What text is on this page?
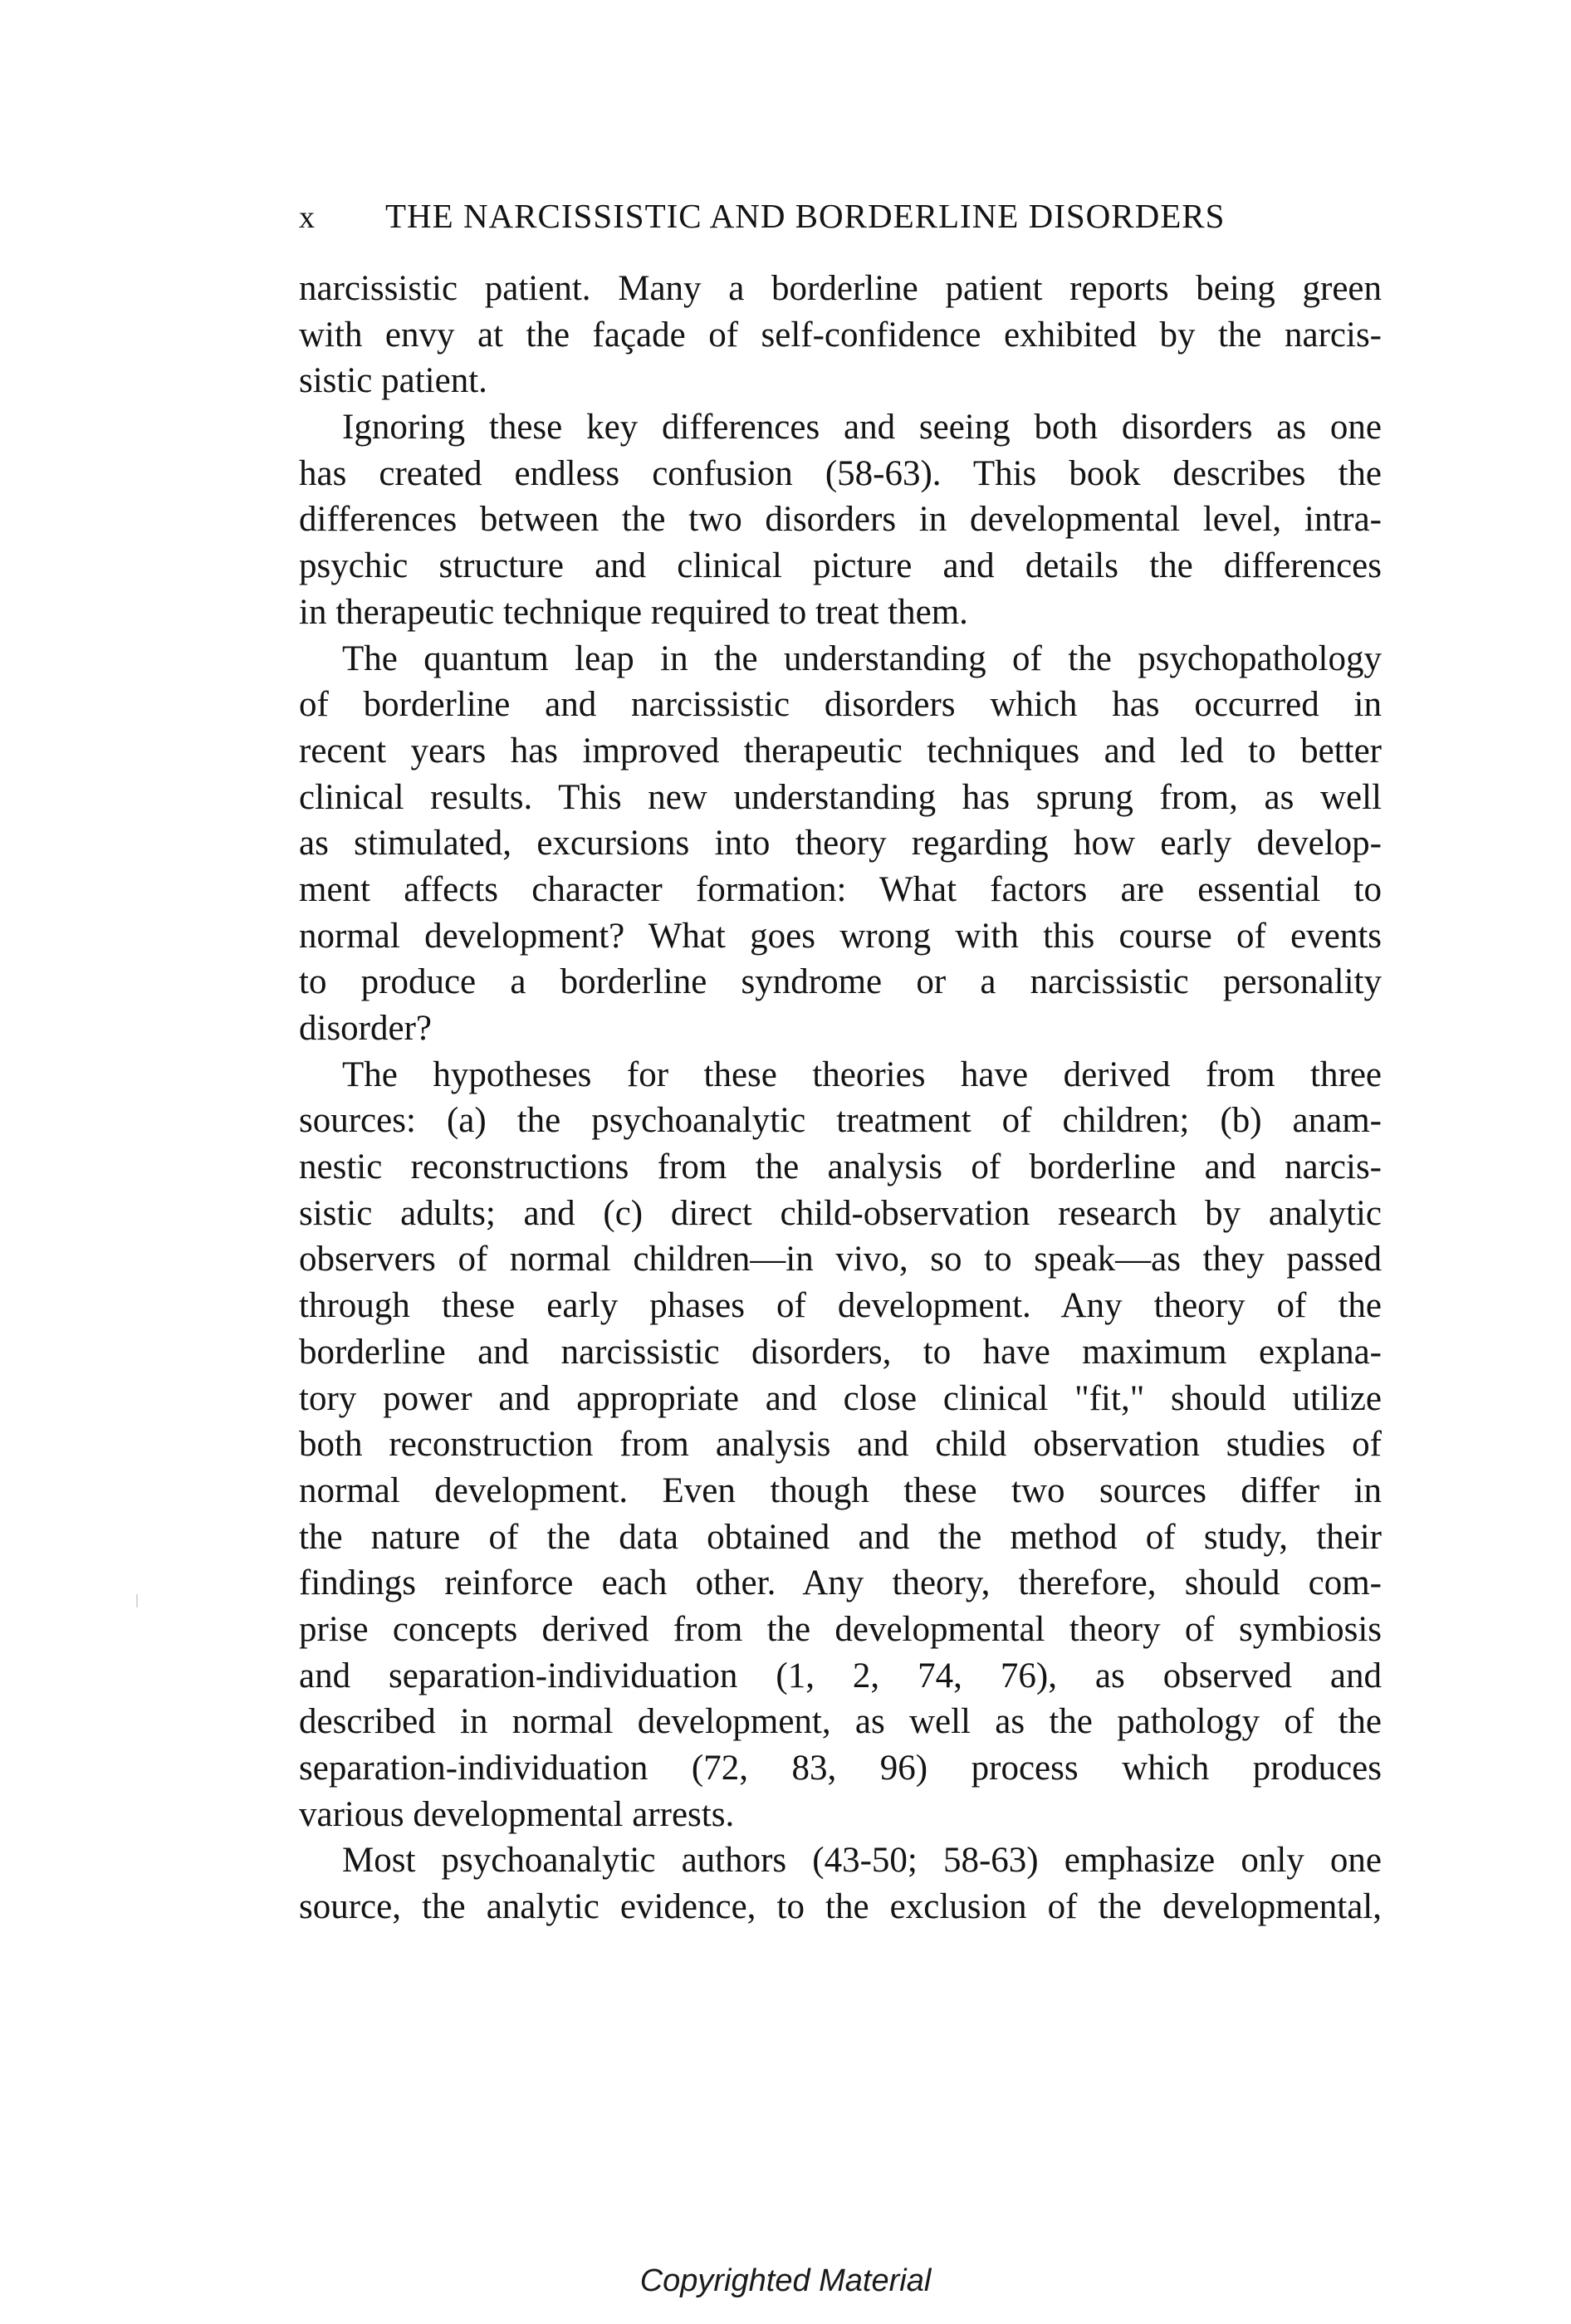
x THE NARCISSISTIC AND BORDERLINE DISORDERS
narcissistic patient. Many a borderline patient reports being green
with envy at the façade of self-confidence exhibited by the narcis-
sistic patient.
Ignoring these key differences and seeing both disorders as one
has created endless confusion (58-63). This book describes the
differences between the two disorders in developmental level, intra-
psychic structure and clinical picture and details the differences
in therapeutic technique required to treat them.
The quantum leap in the understanding of the psychopathology
of borderline and narcissistic disorders which has occurred in
recent years has improved therapeutic techniques and led to better
clinical results. This new understanding has sprung from, as well
as stimulated, excursions into theory regarding how early develop-
ment affects character formation: What factors are essential to
normal development? What goes wrong with this course of events
to produce a borderline syndrome or a narcissistic personality
disorder?
The hypotheses for these theories have derived from three
sources: (a) the psychoanalytic treatment of children; (b) anam-
nestic reconstructions from the analysis of borderline and narcis-
sistic adults; and (c) direct child-observation research by analytic
observers of normal children—in vivo, so to speak—as they passed
through these early phases of development. Any theory of the
borderline and narcissistic disorders, to have maximum explana-
tory power and appropriate and close clinical "fit," should utilize
both reconstruction from analysis and child observation studies of
normal development. Even though these two sources differ in
the nature of the data obtained and the method of study, their
findings reinforce each other. Any theory, therefore, should com-
prise concepts derived from the developmental theory of symbiosis
and separation-individuation (1, 2, 74, 76), as observed and
described in normal development, as well as the pathology of the
separation-individuation (72, 83, 96) process which produces
various developmental arrests.
Most psychoanalytic authors (43-50; 58-63) emphasize only one
source, the analytic evidence, to the exclusion of the developmental,
Copyrighted Material
